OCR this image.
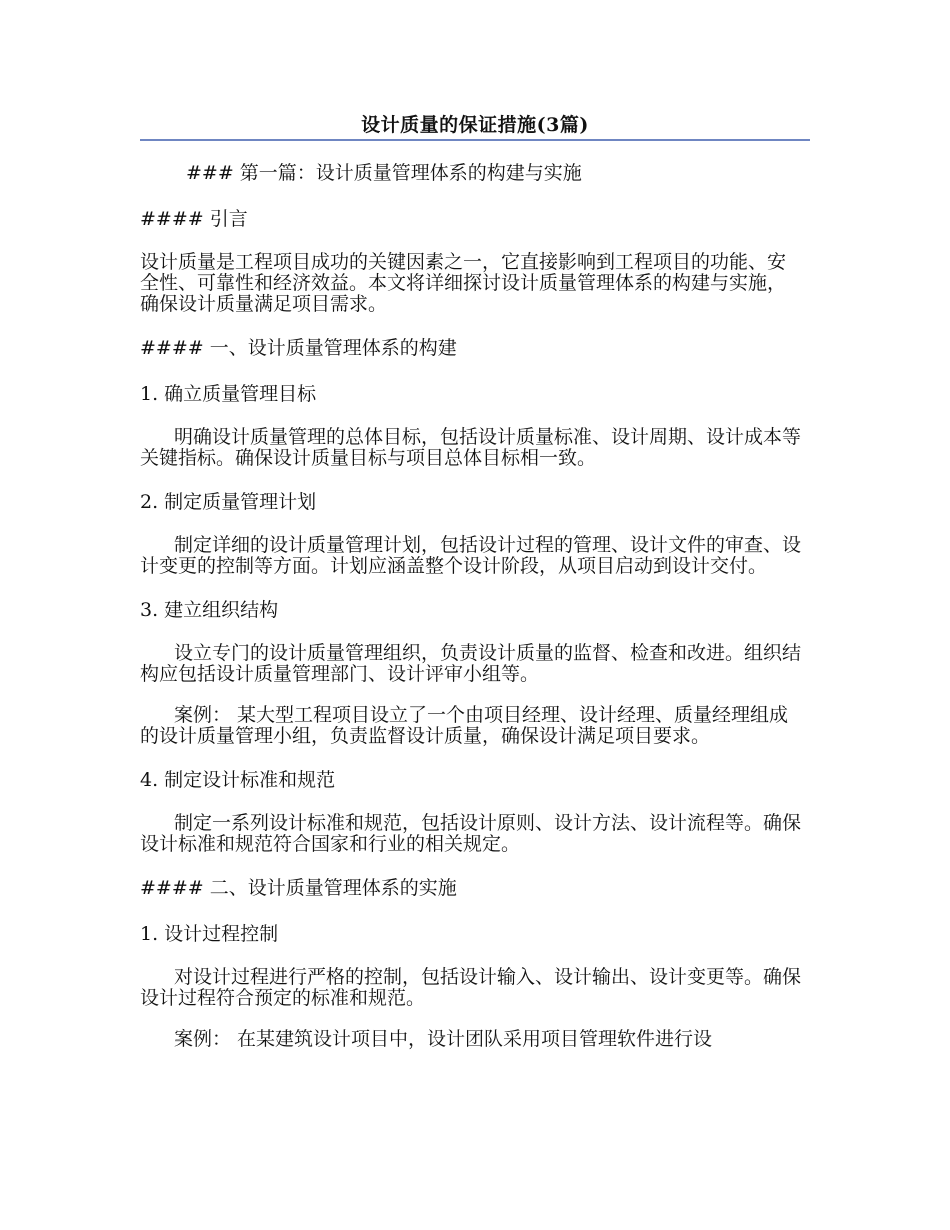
设计质量的保证措施(3篇)
### 第一篇：设计质量管理体系的构建与实施
#### 引言
设计质量是工程项目成功的关键因素之一，它直接影响到工程项目的功能、安全性、可靠性和经济效益。本文将详细探讨设计质量管理体系的构建与实施，确保设计质量满足项目需求。
#### 一、设计质量管理体系的构建
1. 确立质量管理目标
明确设计质量管理的总体目标，包括设计质量标准、设计周期、设计成本等关键指标。确保设计质量目标与项目总体目标相一致。
2. 制定质量管理计划
制定详细的设计质量管理计划，包括设计过程的管理、设计文件的审查、设计变更的控制等方面。计划应涵盖整个设计阶段，从项目启动到设计交付。
3. 建立组织结构
设立专门的设计质量管理组织，负责设计质量的监督、检查和改进。组织结构应包括设计质量管理部门、设计评审小组等。
案例： 某大型工程项目设立了一个由项目经理、设计经理、质量经理组成的设计质量管理小组，负责监督设计质量，确保设计满足项目要求。
4. 制定设计标准和规范
制定一系列设计标准和规范，包括设计原则、设计方法、设计流程等。确保设计标准和规范符合国家和行业的相关规定。
#### 二、设计质量管理体系的实施
1. 设计过程控制
对设计过程进行严格的控制，包括设计输入、设计输出、设计变更等。确保设计过程符合预定的标准和规范。
案例： 在某建筑设计项目中，设计团队采用项目管理软件进行设
